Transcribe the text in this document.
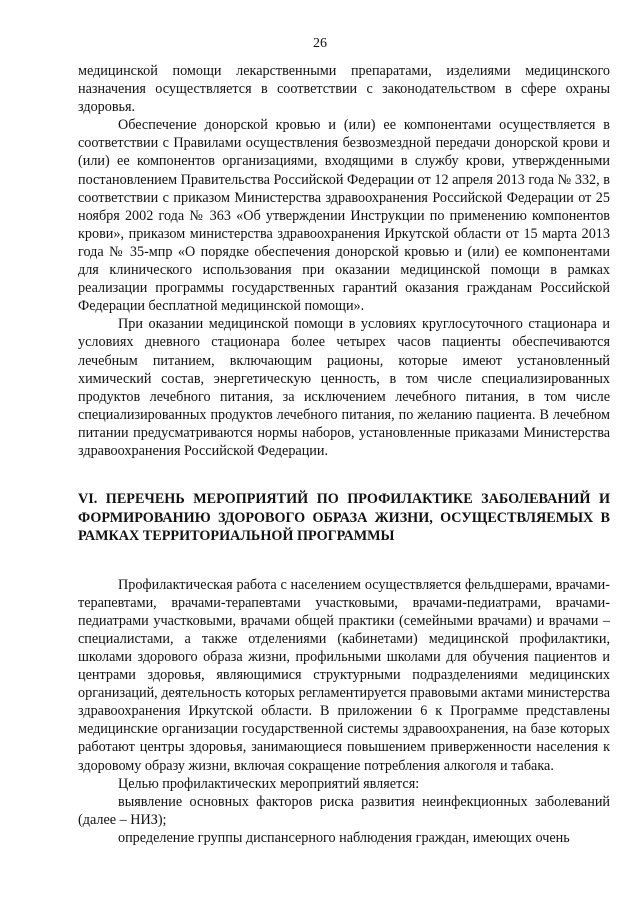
26

медицинской помощи лекарственными препаратами, изделиями медицинского назначения осуществляется в соответствии с законодательством в сфере охраны здоровья.

Обеспечение донорской кровью и (или) ее компонентами осуществляется в соответствии с Правилами осуществления безвозмездной передачи донорской крови и (или) ее компонентов организациями, входящими в службу крови, утвержденными постановлением Правительства Российской Федерации от 12 апреля 2013 года № 332, в соответствии с приказом Министерства здравоохранения Российской Федерации от 25 ноября 2002 года № 363 «Об утверждении Инструкции по применению компонентов крови», приказом министерства здравоохранения Иркутской области от 15 марта 2013 года № 35-мпр «О порядке обеспечения донорской кровью и (или) ее компонентами для клинического использования при оказании медицинской помощи в рамках реализации программы государственных гарантий оказания гражданам Российской Федерации бесплатной медицинской помощи».

При оказании медицинской помощи в условиях круглосуточного стационара и условиях дневного стационара более четырех часов пациенты обеспечиваются лечебным питанием, включающим рационы, которые имеют установленный химический состав, энергетическую ценность, в том числе специализированных продуктов лечебного питания, за исключением лечебного питания, в том числе специализированных продуктов лечебного питания, по желанию пациента. В лечебном питании предусматриваются нормы наборов, установленные приказами Министерства здравоохранения Российской Федерации.

VI. ПЕРЕЧЕНЬ МЕРОПРИЯТИЙ ПО ПРОФИЛАКТИКЕ ЗАБОЛЕВАНИЙ И ФОРМИРОВАНИЮ ЗДОРОВОГО ОБРАЗА ЖИЗНИ, ОСУЩЕСТВЛЯЕМЫХ В РАМКАХ ТЕРРИТОРИАЛЬНОЙ ПРОГРАММЫ

Профилактическая работа с населением осуществляется фельдшерами, врачами-терапевтами, врачами-терапевтами участковыми, врачами-педиатрами, врачами-педиатрами участковыми, врачами общей практики (семейными врачами) и врачами – специалистами, а также отделениями (кабинетами) медицинской профилактики, школами здорового образа жизни, профильными школами для обучения пациентов и центрами здоровья, являющимися структурными подразделениями медицинских организаций, деятельность которых регламентируется правовыми актами министерства здравоохранения Иркутской области. В приложении 6 к Программе представлены медицинские организации государственной системы здравоохранения, на базе которых работают центры здоровья, занимающиеся повышением приверженности населения к здоровому образу жизни, включая сокращение потребления алкоголя и табака.

Целью профилактических мероприятий является:

выявление основных факторов риска развития неинфекционных заболеваний (далее – НИЗ);

определение группы диспансерного наблюдения граждан, имеющих очень
